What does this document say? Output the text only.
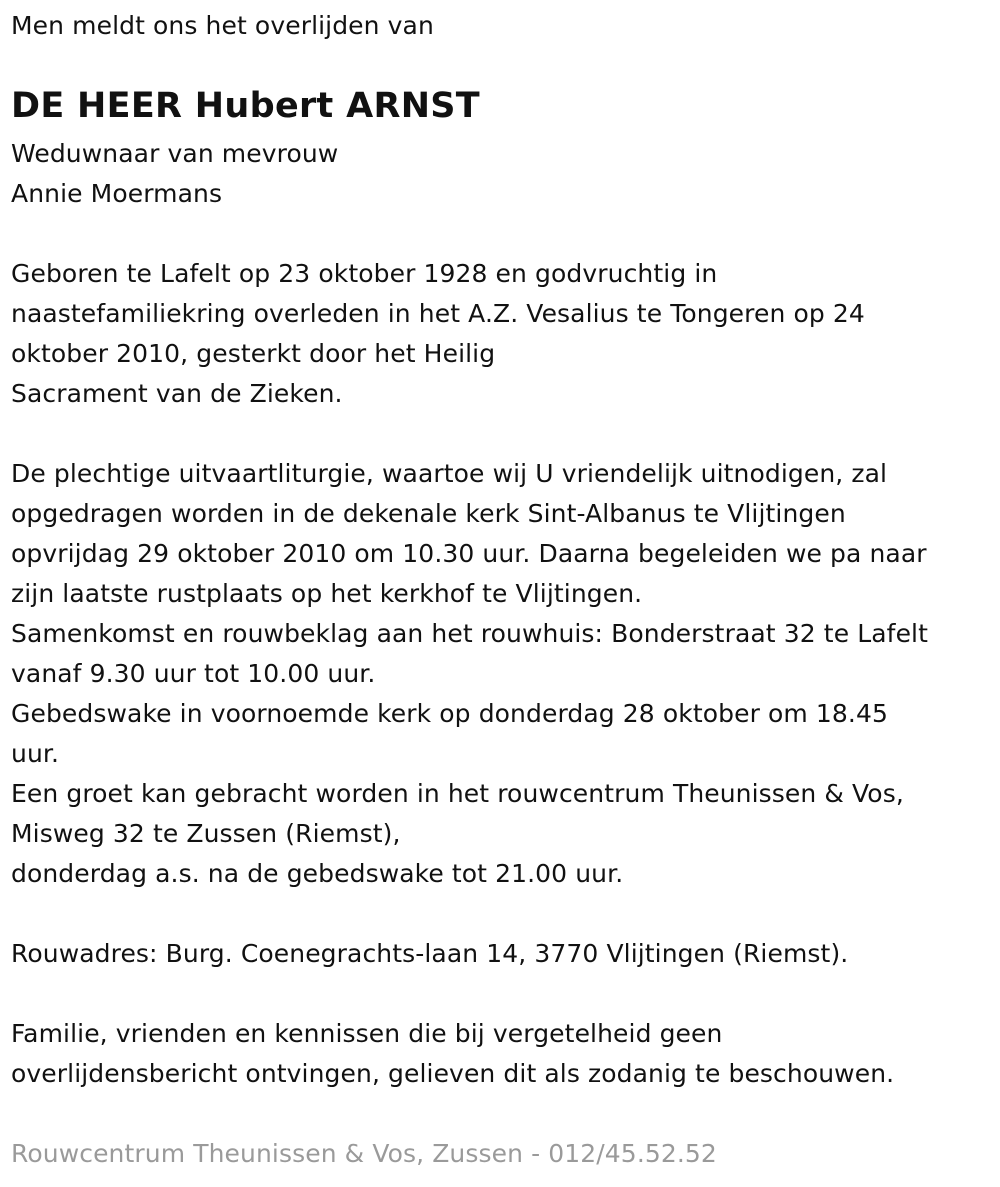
Men meldt ons het overlijden van
DE HEER Hubert ARNST
Weduwnaar van mevrouw
Annie Moermans
Geboren te Lafelt op 23 oktober 1928 en godvruchtig in
naastefamiliekring overleden in het A.Z. Vesalius te Tongeren op 24
oktober 2010, gesterkt door het Heilig
Sacrament van de Zieken.
De plechtige uitvaartliturgie, waartoe wij U vriendelijk uitnodigen, zal
opgedragen worden in de dekenale kerk Sint-Albanus te Vlijtingen
opvrijdag 29 oktober 2010 om 10.30 uur. Daarna begeleiden we pa naar
zijn laatste rustplaats op het kerkhof te Vlijtingen.
Samenkomst en rouwbeklag aan het rouwhuis: Bonderstraat 32 te Lafelt
vanaf 9.30 uur tot 10.00 uur.
Gebedswake in voornoemde kerk op donderdag 28 oktober om 18.45
uur.
Een groet kan gebracht worden in het rouwcentrum Theunissen & Vos,
Misweg 32 te Zussen (Riemst),
donderdag a.s. na de gebedswake tot 21.00 uur.
Rouwadres: Burg. Coenegrachts-laan 14, 3770 Vlijtingen (Riemst).
Familie, vrienden en kennissen die bij vergetelheid geen
overlijdensbericht ontvingen, gelieven dit als zodanig te beschouwen.
Rouwcentrum Theunissen & Vos, Zussen - 012/45.52.52
